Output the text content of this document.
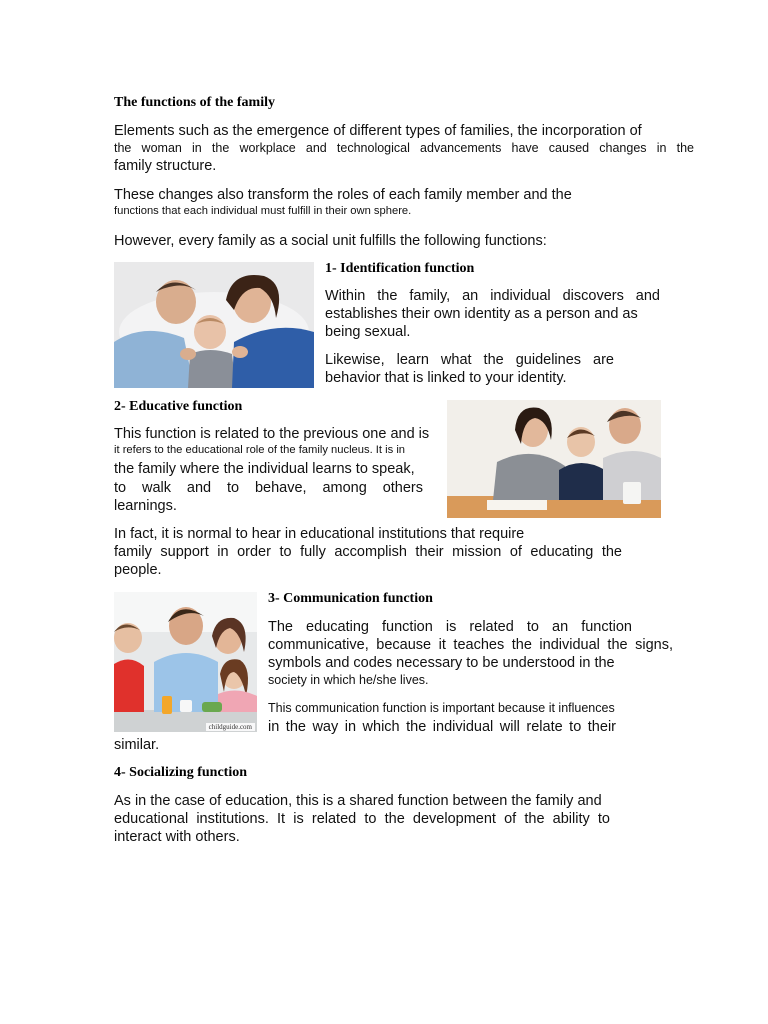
The functions of the family
Elements such as the emergence of different types of families, the incorporation of
the woman in the workplace and technological advancements have caused changes in the
family structure.
These changes also transform the roles of each family member and the
functions that each individual must fulfill in their own sphere.
However, every family as a social unit fulfills the following functions:
1- Identification function
Within the family, an individual discovers and
establishes their own identity as a person and as
being sexual.
Likewise, learn what the guidelines are
behavior that is linked to your identity.
2- Educative function
This function is related to the previous one and is
it refers to the educational role of the family nucleus. It is in
the family where the individual learns to speak,
to walk and to behave, among others
learnings.
In fact, it is normal to hear in educational institutions that require
family support in order to fully accomplish their mission of educating the
people.
childguide.com
3- Communication function
The educating function is related to an function
communicative, because it teaches the individual the signs,
symbols and codes necessary to be understood in the
society in which he/she lives.
This communication function is important because it influences
in the way in which the individual will relate to their
similar.
4- Socializing function
As in the case of education, this is a shared function between the family and
educational institutions. It is related to the development of the ability to
interact with others.
